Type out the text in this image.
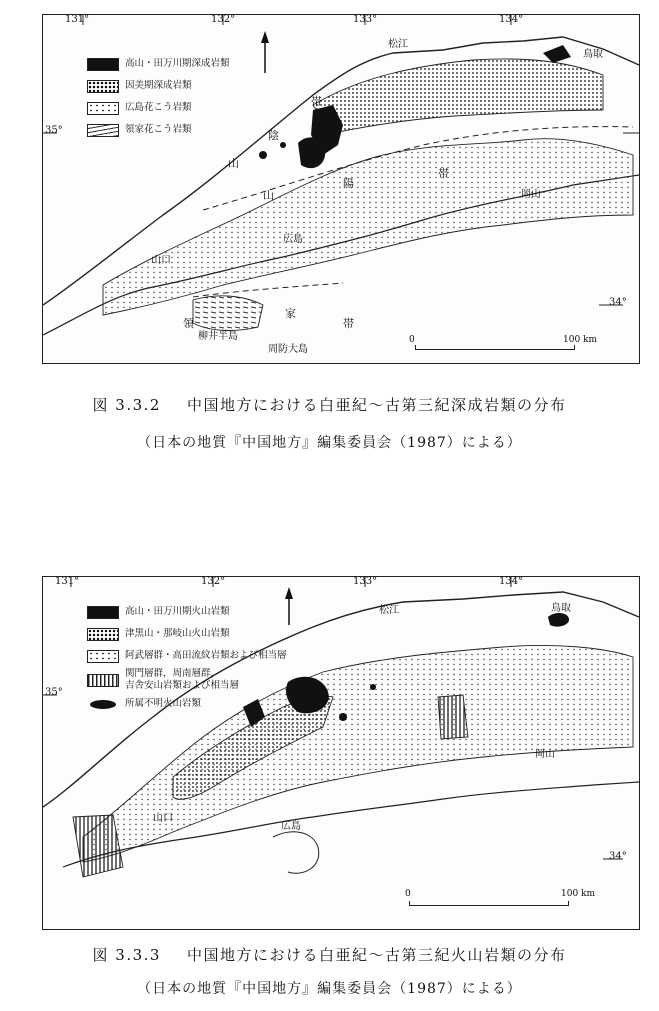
131°	132°	133°	134°
35°
34°
高山・田万川期深成岩類
因美期深成岩類
広島花こう岩類
領家花こう岩類
松江
鳥取
岡山
広島
山口
柳井半島
周防大島
帯
陰
山
山
陽
帯
領
家
帯
0	100 km
図 3.3.2 中国地方における白亜紀～古第三紀深成岩類の分布
（日本の地質『中国地方』編集委員会（1987）による）
131°	132°	133°	134°
35°
34°
高山・田万川期火山岩類
津黒山・那岐山火山岩類
阿武層群・高田流紋岩類および相当層
関門層群，周南層群，
吉舎安山岩類および相当層
所属不明火山岩類
松江	鳥取
岡山
広島
山口
0	100 km
図 3.3.3 中国地方における白亜紀～古第三紀火山岩類の分布
（日本の地質『中国地方』編集委員会（1987）による）
